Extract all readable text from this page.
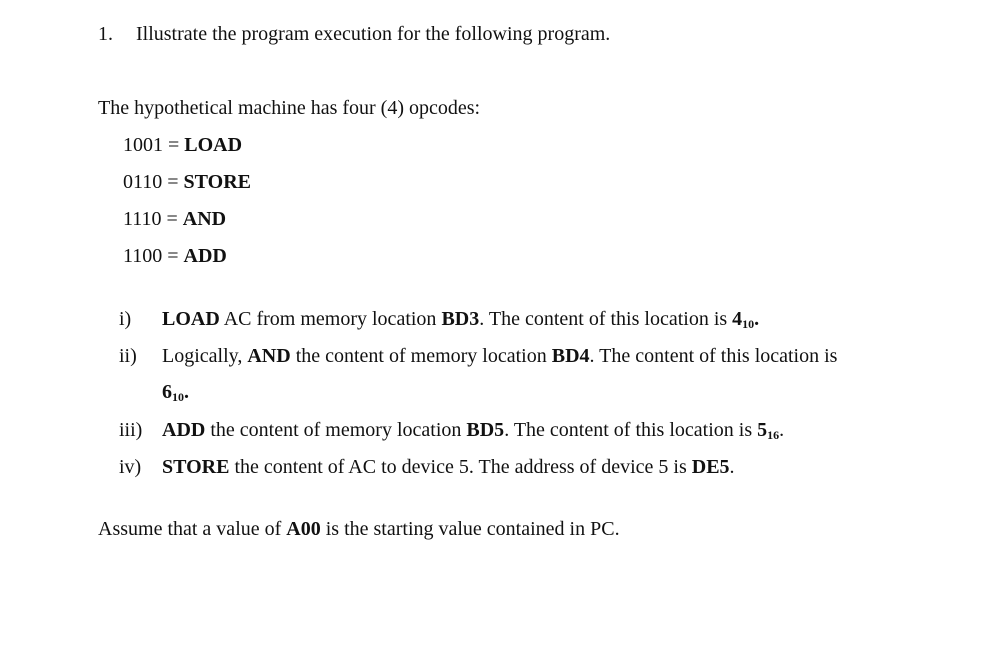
1. Illustrate the program execution for the following program.
The hypothetical machine has four (4) opcodes:
1001 = LOAD
0110 = STORE
1110 = AND
1100 = ADD
i) LOAD AC from memory location BD3. The content of this location is $4_{10}$.
ii) Logically, AND the content of memory location BD4. The content of this location is
$6_{10}$.
iii) ADD the content of memory location BD5. The content of this location is $5_{16}$.
iv) STORE the content of AC to device 5. The address of device 5 is DE5.
Assume that a value of A00 is the starting value contained in PC.
